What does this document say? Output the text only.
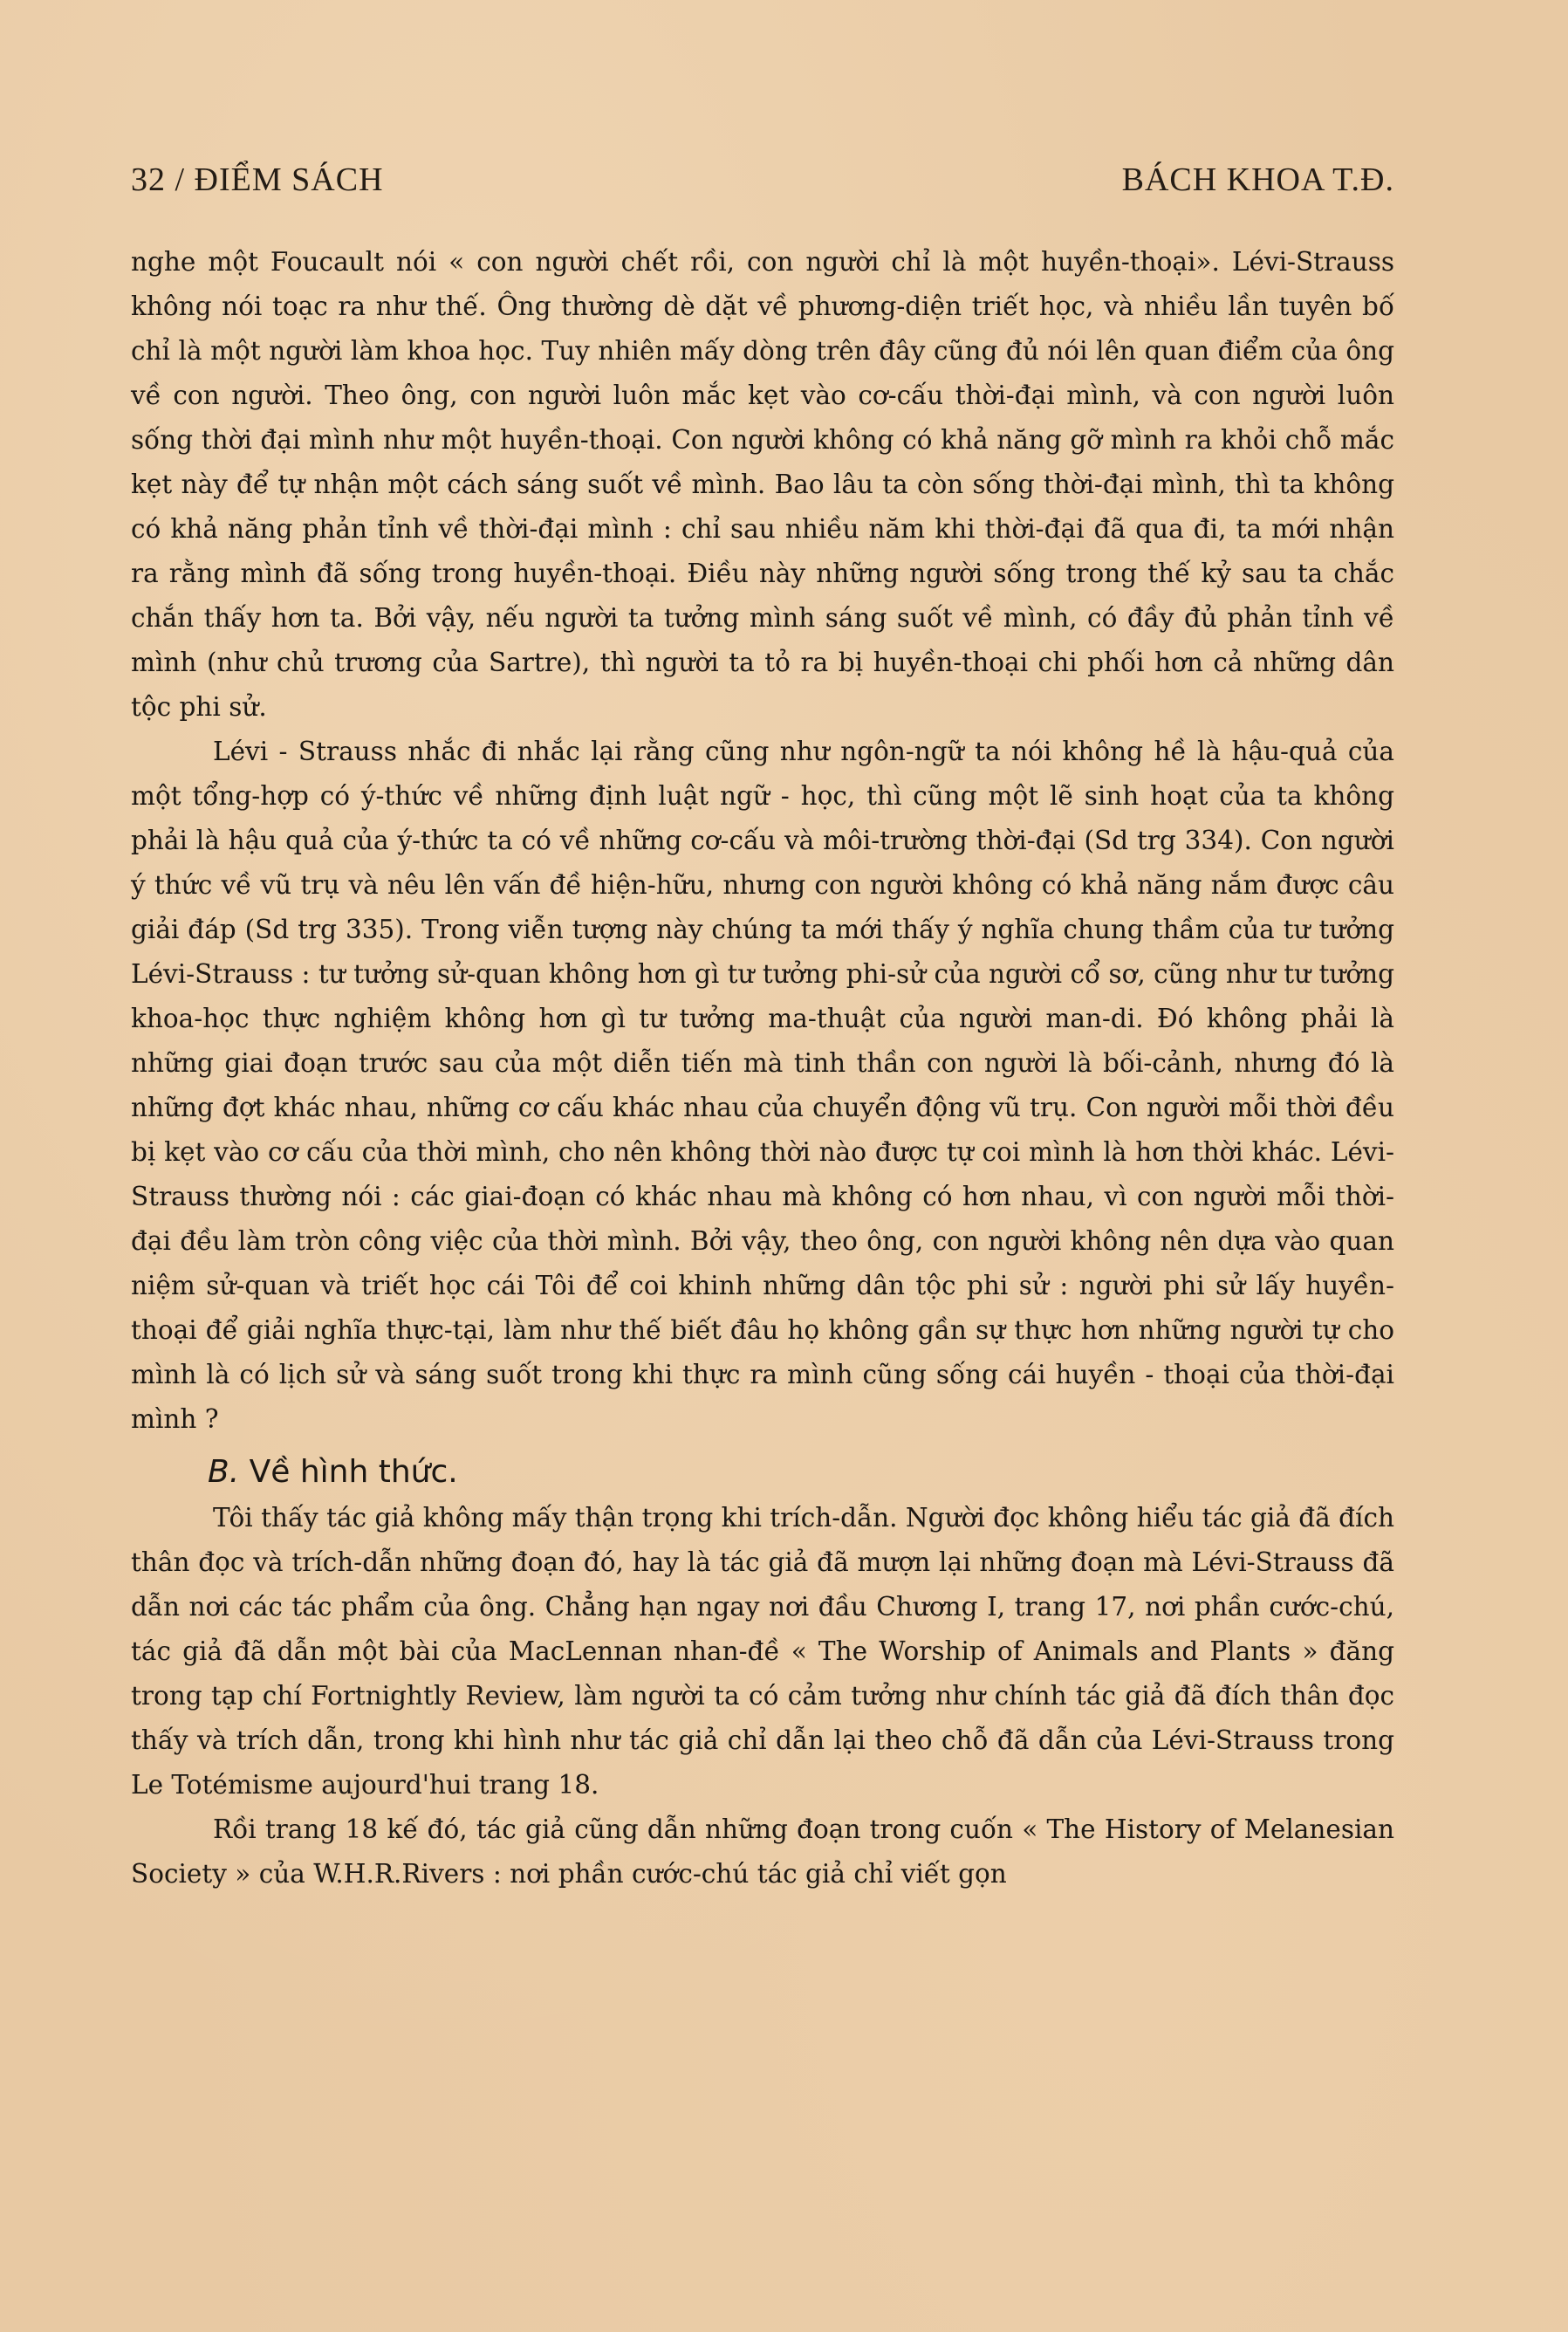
32 / ĐIỂM SÁCH	BÁCH KHOA T.Đ.

nghe một Foucault nói « con người chết rồi, con người chỉ là một huyền-thoại». Lévi-Strauss không nói toạc ra như thế. Ông thường dè dặt về phương-diện triết học, và nhiều lần tuyên bố chỉ là một người làm khoa học. Tuy nhiên mấy dòng trên đây cũng đủ nói lên quan điểm của ông về con người. Theo ông, con người luôn mắc kẹt vào cơ-cấu thời-đại mình, và con người luôn sống thời đại mình như một huyền-thoại. Con người không có khả năng gỡ mình ra khỏi chỗ mắc kẹt này để tự nhận một cách sáng suốt về mình. Bao lâu ta còn sống thời-đại mình, thì ta không có khả năng phản tỉnh về thời-đại mình : chỉ sau nhiều năm khi thời-đại đã qua đi, ta mới nhận ra rằng mình đã sống trong huyền-thoại. Điều này những người sống trong thế kỷ sau ta chắc chắn thấy hơn ta. Bởi vậy, nếu người ta tưởng mình sáng suốt về mình, có đầy đủ phản tỉnh về mình (như chủ trương của Sartre), thì người ta tỏ ra bị huyền-thoại chi phối hơn cả những dân tộc phi sử.

Lévi - Strauss nhắc đi nhắc lại rằng cũng như ngôn-ngữ ta nói không hề là hậu-quả của một tổng-hợp có ý-thức về những định luật ngữ - học, thì cũng một lẽ sinh hoạt của ta không phải là hậu quả của ý-thức ta có về những cơ-cấu và môi-trường thời-đại (Sd trg 334). Con người ý thức về vũ trụ và nêu lên vấn đề hiện-hữu, nhưng con người không có khả năng nắm được câu giải đáp (Sd trg 335). Trong viễn tượng này chúng ta mới thấy ý nghĩa chung thầm của tư tưởng Lévi-Strauss : tư tưởng sử-quan không hơn gì tư tưởng phi-sử của người cổ sơ, cũng như tư tưởng khoa-học thực nghiệm không hơn gì tư tưởng ma-thuật của người man-di. Đó không phải là những giai đoạn trước sau của một diễn tiến mà tinh thần con người là bối-cảnh, nhưng đó là những đợt khác nhau, những cơ cấu khác nhau của chuyển động vũ trụ. Con người mỗi thời đều bị kẹt vào cơ cấu của thời mình, cho nên không thời nào được tự coi mình là hơn thời khác. Lévi-Strauss thường nói : các giai-đoạn có khác nhau mà không có hơn nhau, vì con người mỗi thời-đại đều làm tròn công việc của thời mình. Bởi vậy, theo ông, con người không nên dựa vào quan niệm sử-quan và triết học cái Tôi để coi khinh những dân tộc phi sử : người phi sử lấy huyền-thoại để giải nghĩa thực-tại, làm như thế biết đâu họ không gần sự thực hơn những người tự cho mình là có lịch sử và sáng suốt trong khi thực ra mình cũng sống cái huyền - thoại của thời-đại mình ?

B. Về hình thức.

Tôi thấy tác giả không mấy thận trọng khi trích-dẫn. Người đọc không hiểu tác giả đã đích thân đọc và trích-dẫn những đoạn đó, hay là tác giả đã mượn lại những đoạn mà Lévi-Strauss đã dẫn nơi các tác phẩm của ông. Chẳng hạn ngay nơi đầu Chương I, trang 17, nơi phần cước-chú, tác giả đã dẫn một bài của MacLennan nhan-đề « The Worship of Animals and Plants » đăng trong tạp chí Fortnightly Review, làm người ta có cảm tưởng như chính tác giả đã đích thân đọc thấy và trích dẫn, trong khi hình như tác giả chỉ dẫn lại theo chỗ đã dẫn của Lévi-Strauss trong Le Totémisme aujourd'hui trang 18.

Rồi trang 18 kế đó, tác giả cũng dẫn những đoạn trong cuốn « The History of Melanesian Society » của W.H.R.Rivers : nơi phần cước-chú tác giả chỉ viết gọn
